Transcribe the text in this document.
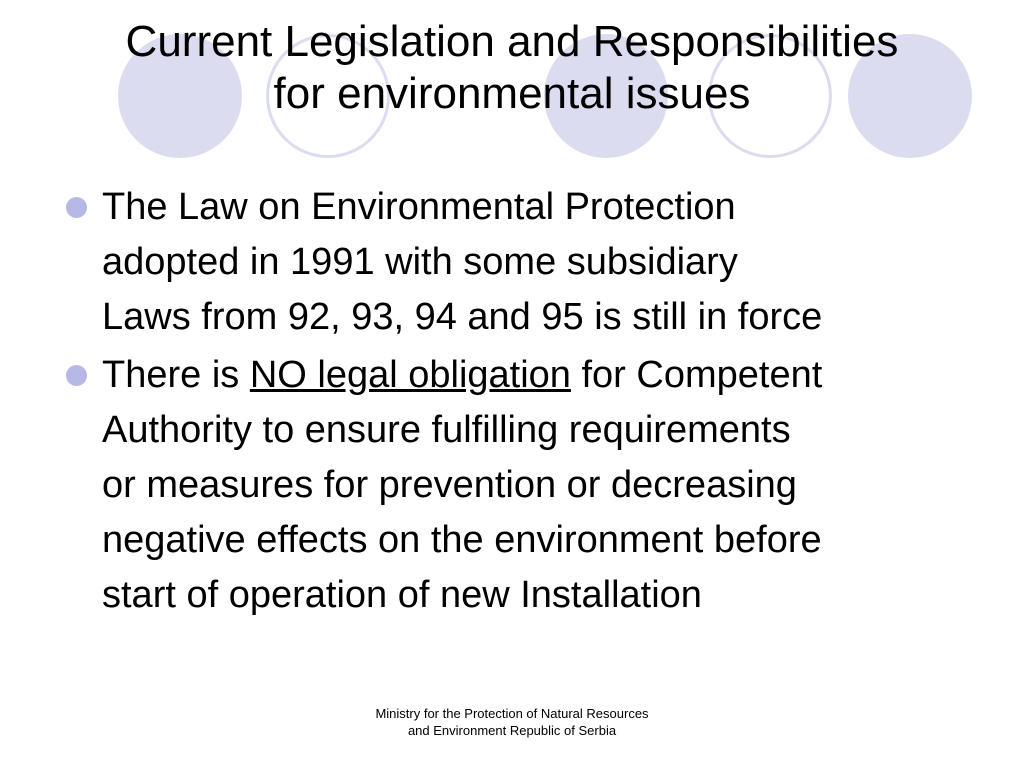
Current Legislation and Responsibilities
for environmental issues
The Law on Environmental Protection
adopted in 1991 with some subsidiary
Laws from 92, 93, 94 and 95 is still in force
There is NO legal obligation for Competent
Authority to ensure fulfilling requirements
or measures for prevention or decreasing
negative effects on the environment before
start of operation of new Installation
Ministry for the Protection of Natural Resources
and Environment Republic of Serbia
